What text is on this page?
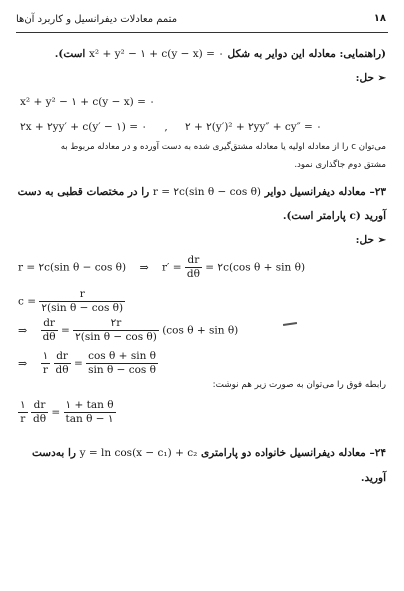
۱۸
متمم معادلات دیفرانسیل و کاربرد آن‌ها
(راهنمایی: معادله این دوایر به شکل x² + y² − ۱ + c(y − x) = ۰ است).
➢ حل:
x² + y² − ۱ + c(y − x) = ۰
۲x + ۲yy′ + c(y′ − ۱) = ۰ , ۲ + ۲(y′)² + ۲yy″ + cy″ = ۰
می‌توان c را از معادله اولیه یا معادله مشتق‌گیری شده به دست آورده و در معادله مربوط به
مشتق دوم جاگذاری نمود.
۲۳– معادله دیفرانسیل دوایر r = ۲c(sin θ − cos θ) را در مختصات قطبی به دست
آورید (c پارامتر است).
➢ حل:
r = ۲c(sin θ − cos θ) ⇒ $r' = \frac{dr}{d\theta}$ = ۲c(cos θ + sin θ)
$c = \frac{r}{\text{۲(sin θ − cos θ)}}$
⇒ $\frac{dr}{d\theta} = \frac{۲r}{\text{۲(sin θ − cos θ)}} (\cos$ θ + sin θ)
⇒ $\frac{۱}{r}$
$\frac{dr}{d\theta} = \frac{\text{cos θ + sin θ}}{\text{sin θ − cos θ}}$
رابطه فوق را می‌توان به صورت زیر هم نوشت:
$\frac{۱}{r}$
$\frac{dr}{d\theta} = \frac{\text{۱ + tan θ}}{\text{tan θ − ۱}}$
۲۴– معادله دیفرانسیل خانواده دو پارامتری y = ln cos(x − c₁) + c₂ را به‌دست
آورید.
